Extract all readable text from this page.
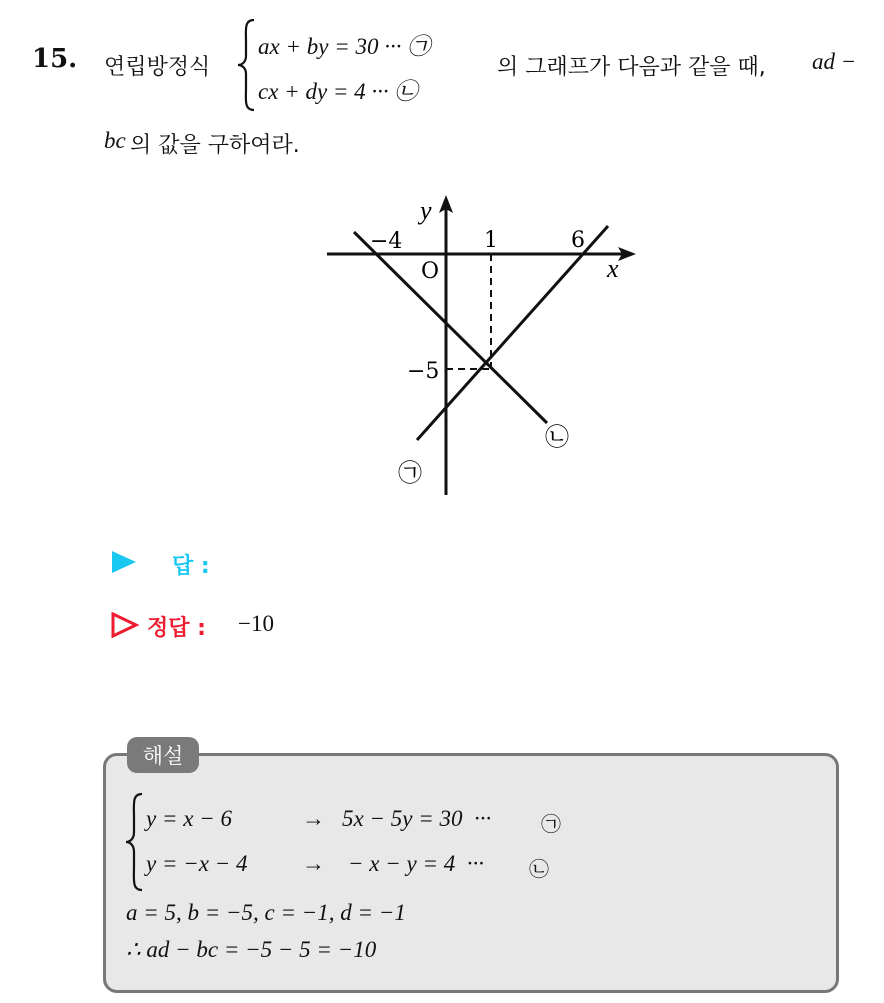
15. 연립방정식
ax + by = 30 ··· ㉠
cx + dy = 4 ··· ㉡
의 그래프가 다음과 같을 때, ad −
bc 의 값을 구하여라.
y
x
O
−4	1	6
−5
㉡
㉠
답 :
정답 : −10
해설
y = x − 6	→ 5x − 5y = 30  ··· ㉠
y = −x − 4 → − x − y = 4  ··· ㉡
a = 5, b = −5, c = −1, d = −1
∴ ad − bc = −5 − 5 = −10
